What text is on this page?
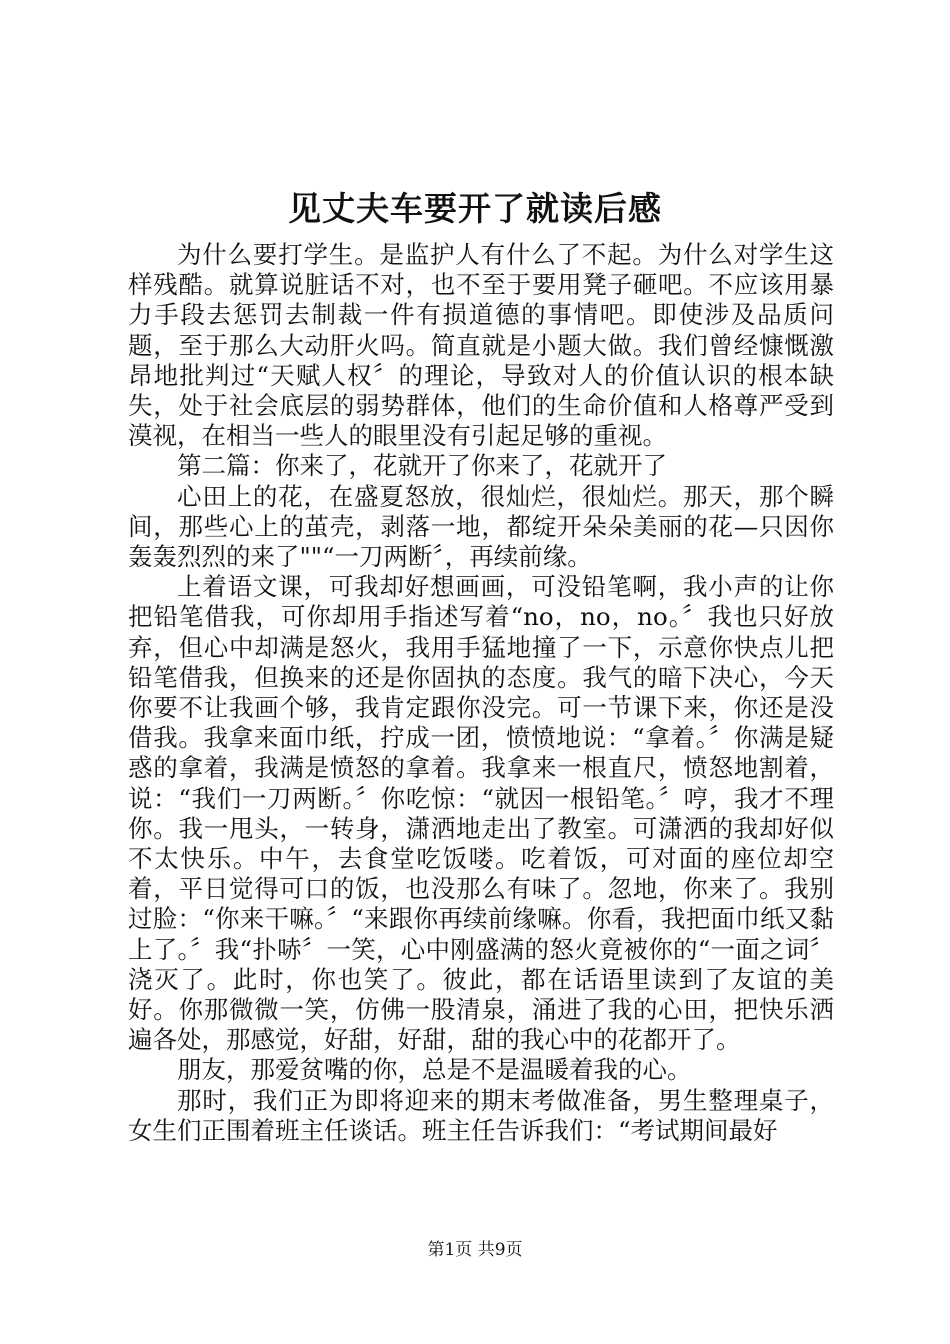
见丈夫车要开了就读后感

为什么要打学生。是监护人有什么了不起。为什么对学生这样残酷。就算说脏话不对，也不至于要用凳子砸吧。不应该用暴力手段去惩罚去制裁一件有损道德的事情吧。即使涉及品质问题，至于那么大动肝火吗。简直就是小题大做。我们曾经慷慨激昂地批判过“天赋人权〞的理论，导致对人的价值认识的根本缺失，处于社会底层的弱势群体，他们的生命价值和人格尊严受到漠视，在相当一些人的眼里没有引起足够的重视。

第二篇：你来了，花就开了你来了，花就开了

心田上的花，在盛夏怒放，很灿烂，很灿烂。那天，那个瞬间，那些心上的茧壳，剥落一地，都绽开朵朵美丽的花—只因你轰轰烈烈的来了""“一刀两断〞，再续前缘。

上着语文课，可我却好想画画，可没铅笔啊，我小声的让你把铅笔借我，可你却用手指述写着“no，no，no。〞我也只好放弃，但心中却满是怒火，我用手猛地撞了一下，示意你快点儿把铅笔借我，但换来的还是你固执的态度。我气的暗下决心，今天你要不让我画个够，我肯定跟你没完。可一节课下来，你还是没借我。我拿来面巾纸，拧成一团，愤愤地说：“拿着。〞你满是疑惑的拿着，我满是愤怒的拿着。我拿来一根直尺，愤怒地割着，说：“我们一刀两断。〞你吃惊：“就因一根铅笔。〞哼，我才不理你。我一甩头，一转身，潇洒地走出了教室。可潇洒的我却好似不太快乐。中午，去食堂吃饭喽。吃着饭，可对面的座位却空着，平日觉得可口的饭，也没那么有味了。忽地，你来了。我别过脸：“你来干嘛。〞“来跟你再续前缘嘛。你看，我把面巾纸又黏上了。〞我“扑哧〞一笑，心中刚盛满的怒火竟被你的“一面之词〞浇灭了。此时，你也笑了。彼此，都在话语里读到了友谊的美好。你那微微一笑，仿佛一股清泉，涌进了我的心田，把快乐洒遍各处，那感觉，好甜，好甜，甜的我心中的花都开了。

朋友，那爱贫嘴的你，总是不是温暖着我的心。

那时，我们正为即将迎来的期末考做准备，男生整理桌子，女生们正围着班主任谈话。班主任告诉我们：“考试期间最好

第1页 共9页
